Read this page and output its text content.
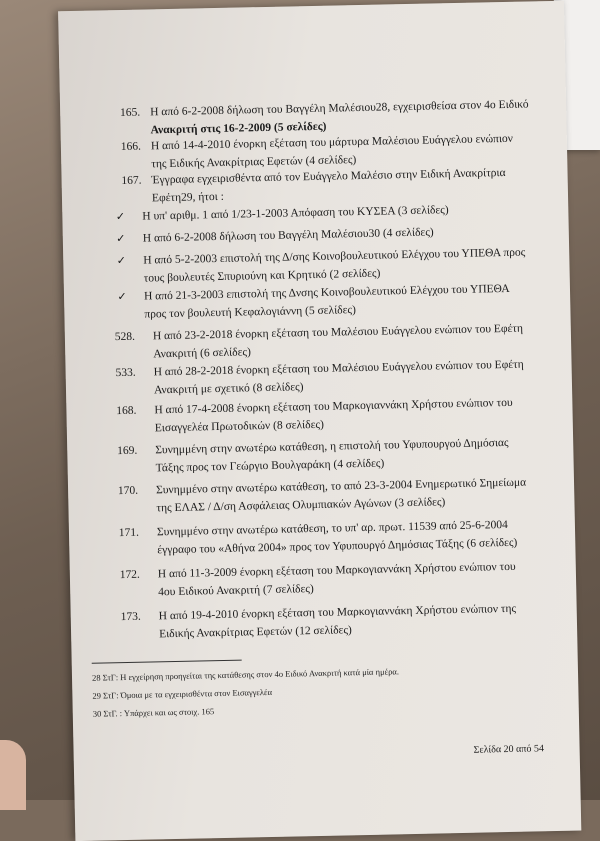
165. Η από 6-2-2008 δήλωση του Βαγγέλη Μαλέσιου28, εγχειρισθείσα στον 4ο Ειδικό
Ανακριτή στις 16-2-2009 (5 σελίδες)
166. Η από 14-4-2010 ένορκη εξέταση του μάρτυρα Μαλέσιου Ευάγγελου ενώπιον
της Ειδικής Ανακρίτριας Εφετών (4 σελίδες)
167. Έγγραφα εγχειρισθέντα από τον Ευάγγελο Μαλέσιο στην Ειδική Ανακρίτρια
Εφέτη29, ήτοι :
✓ Η υπ' αριθμ. 1 από 1/23-1-2003 Απόφαση του ΚΥΣΕΑ (3 σελίδες)
✓ Η από 6-2-2008 δήλωση του Βαγγέλη Μαλέσιου30 (4 σελίδες)
✓ Η από 5-2-2003 επιστολή της Δ/σης Κοινοβουλευτικού Ελέγχου του ΥΠΕΘΑ προς
τους βουλευτές Σπυριούνη και Κρητικό (2 σελίδες)
✓ Η από 21-3-2003 επιστολή της Δνσης Κοινοβουλευτικού Ελέγχου του ΥΠΕΘΑ
προς τον βουλευτή Κεφαλογιάννη (5 σελίδες)
528. Η από 23-2-2018 ένορκη εξέταση του Μαλέσιου Ευάγγελου ενώπιον του Εφέτη
Ανακριτή (6 σελίδες)
533. Η από 28-2-2018 ένορκη εξέταση του Μαλέσιου Ευάγγελου ενώπιον του Εφέτη
Ανακριτή με σχετικό (8 σελίδες)
168. Η από 17-4-2008 ένορκη εξέταση του Μαρκογιαννάκη Χρήστου ενώπιον του
Εισαγγελέα Πρωτοδικών (8 σελίδες)
169. Συνημμένη στην ανωτέρω κατάθεση, η επιστολή του Υφυπουργού Δημόσιας
Τάξης προς τον Γεώργιο Βουλγαράκη (4 σελίδες)
170. Συνημμένο στην ανωτέρω κατάθεση, το από 23-3-2004 Ενημερωτικό Σημείωμα
της ΕΛΑΣ / Δ/ση Ασφάλειας Ολυμπιακών Αγώνων (3 σελίδες)
171. Συνημμένο στην ανωτέρω κατάθεση, το υπ' αρ. πρωτ. 11539 από 25-6-2004
έγγραφο του «Αθήνα 2004» προς τον Υφυπουργό Δημόσιας Τάξης (6 σελίδες)
172. Η από 11-3-2009 ένορκη εξέταση του Μαρκογιαννάκη Χρήστου ενώπιον του
4ου Ειδικού Ανακριτή (7 σελίδες)
173. Η από 19-4-2010 ένορκη εξέταση του Μαρκογιαννάκη Χρήστου ενώπιον της
Ειδικής Ανακρίτριας Εφετών (12 σελίδες)
28 ΣτΓ: Η εγχείρηση προηγείται της κατάθεσης στον 4ο Ειδικό Ανακριτή κατά μία ημέρα.
29 ΣτΓ: Όμοια με τα εγχειρισθέντα στον Εισαγγελέα
30 ΣτΓ. : Υπάρχει και ως στοιχ. 165
Σελίδα 20 από 54
